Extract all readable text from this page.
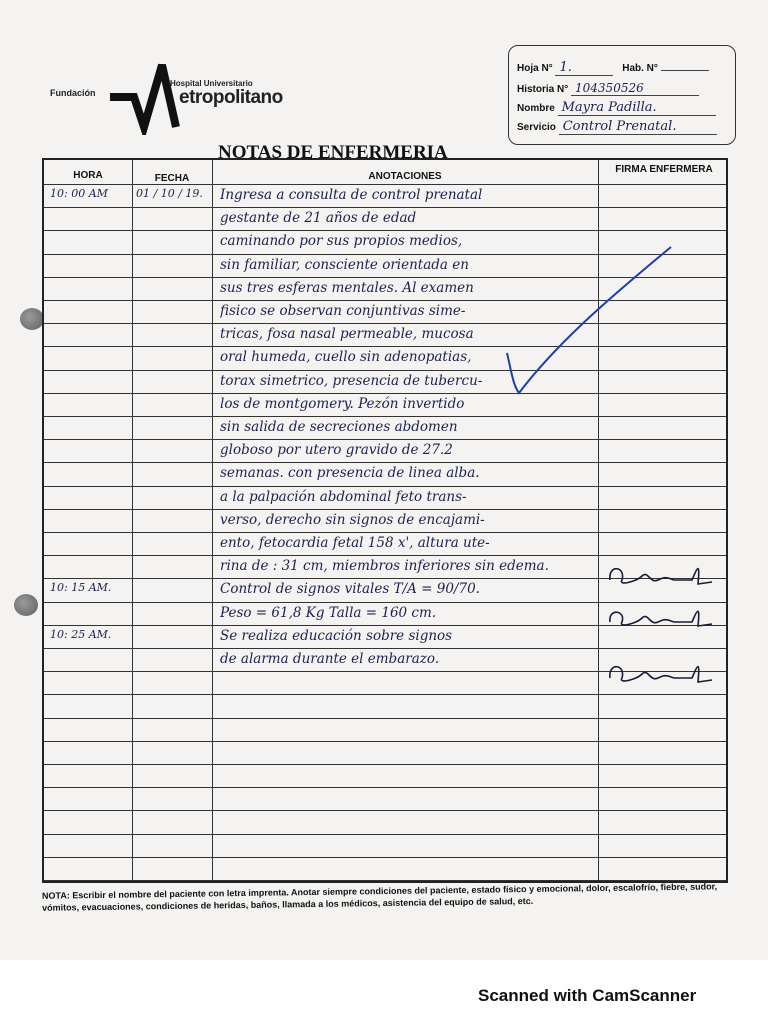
Fundación
Hospital Universitario
etropolitano
Hoja N° 1.	Hab. N°
Historia N° 104350526
Nombre Mayra Padilla.
Servicio Control Prenatal.
NOTAS DE ENFERMERIA
HORA	FECHA	ANOTACIONES
FIRMA ENFERMERA
10: 00 AM	01 / 10 / 19.	Ingresa a consulta de control prenatal
gestante de 21 años de edad
caminando por sus propios medios,
sin familiar, consciente orientada en
sus tres esferas mentales. Al examen
fisico se observan conjuntivas sime-
tricas, fosa nasal permeable, mucosa
oral humeda, cuello sin adenopatias,
torax simetrico, presencia de tubercu-
los de montgomery. Pezón invertido
sin salida de secreciones abdomen
globoso por utero gravido de 27.2
semanas. con presencia de linea alba.
a la palpación abdominal feto trans-
verso, derecho sin signos de encajami-
ento, fetocardia fetal 158 x', altura ute-
rina de : 31 cm, miembros inferiores sin edema.
10: 15 AM.	Control de signos vitales T/A = 90/70.
Peso = 61,8 Kg Talla = 160 cm.
10: 25 AM.	Se realiza educación sobre signos
de alarma durante el embarazo.
NOTA: Escribir el nombre del paciente con letra imprenta. Anotar siempre condiciones del paciente, estado físico y emocional, dolor, escalofrío, fiebre, sudor, vómitos, evacuaciones, condiciones de heridas, baños, llamada a los médicos, asistencia del equipo de salud, etc.
Scanned with CamScanner
